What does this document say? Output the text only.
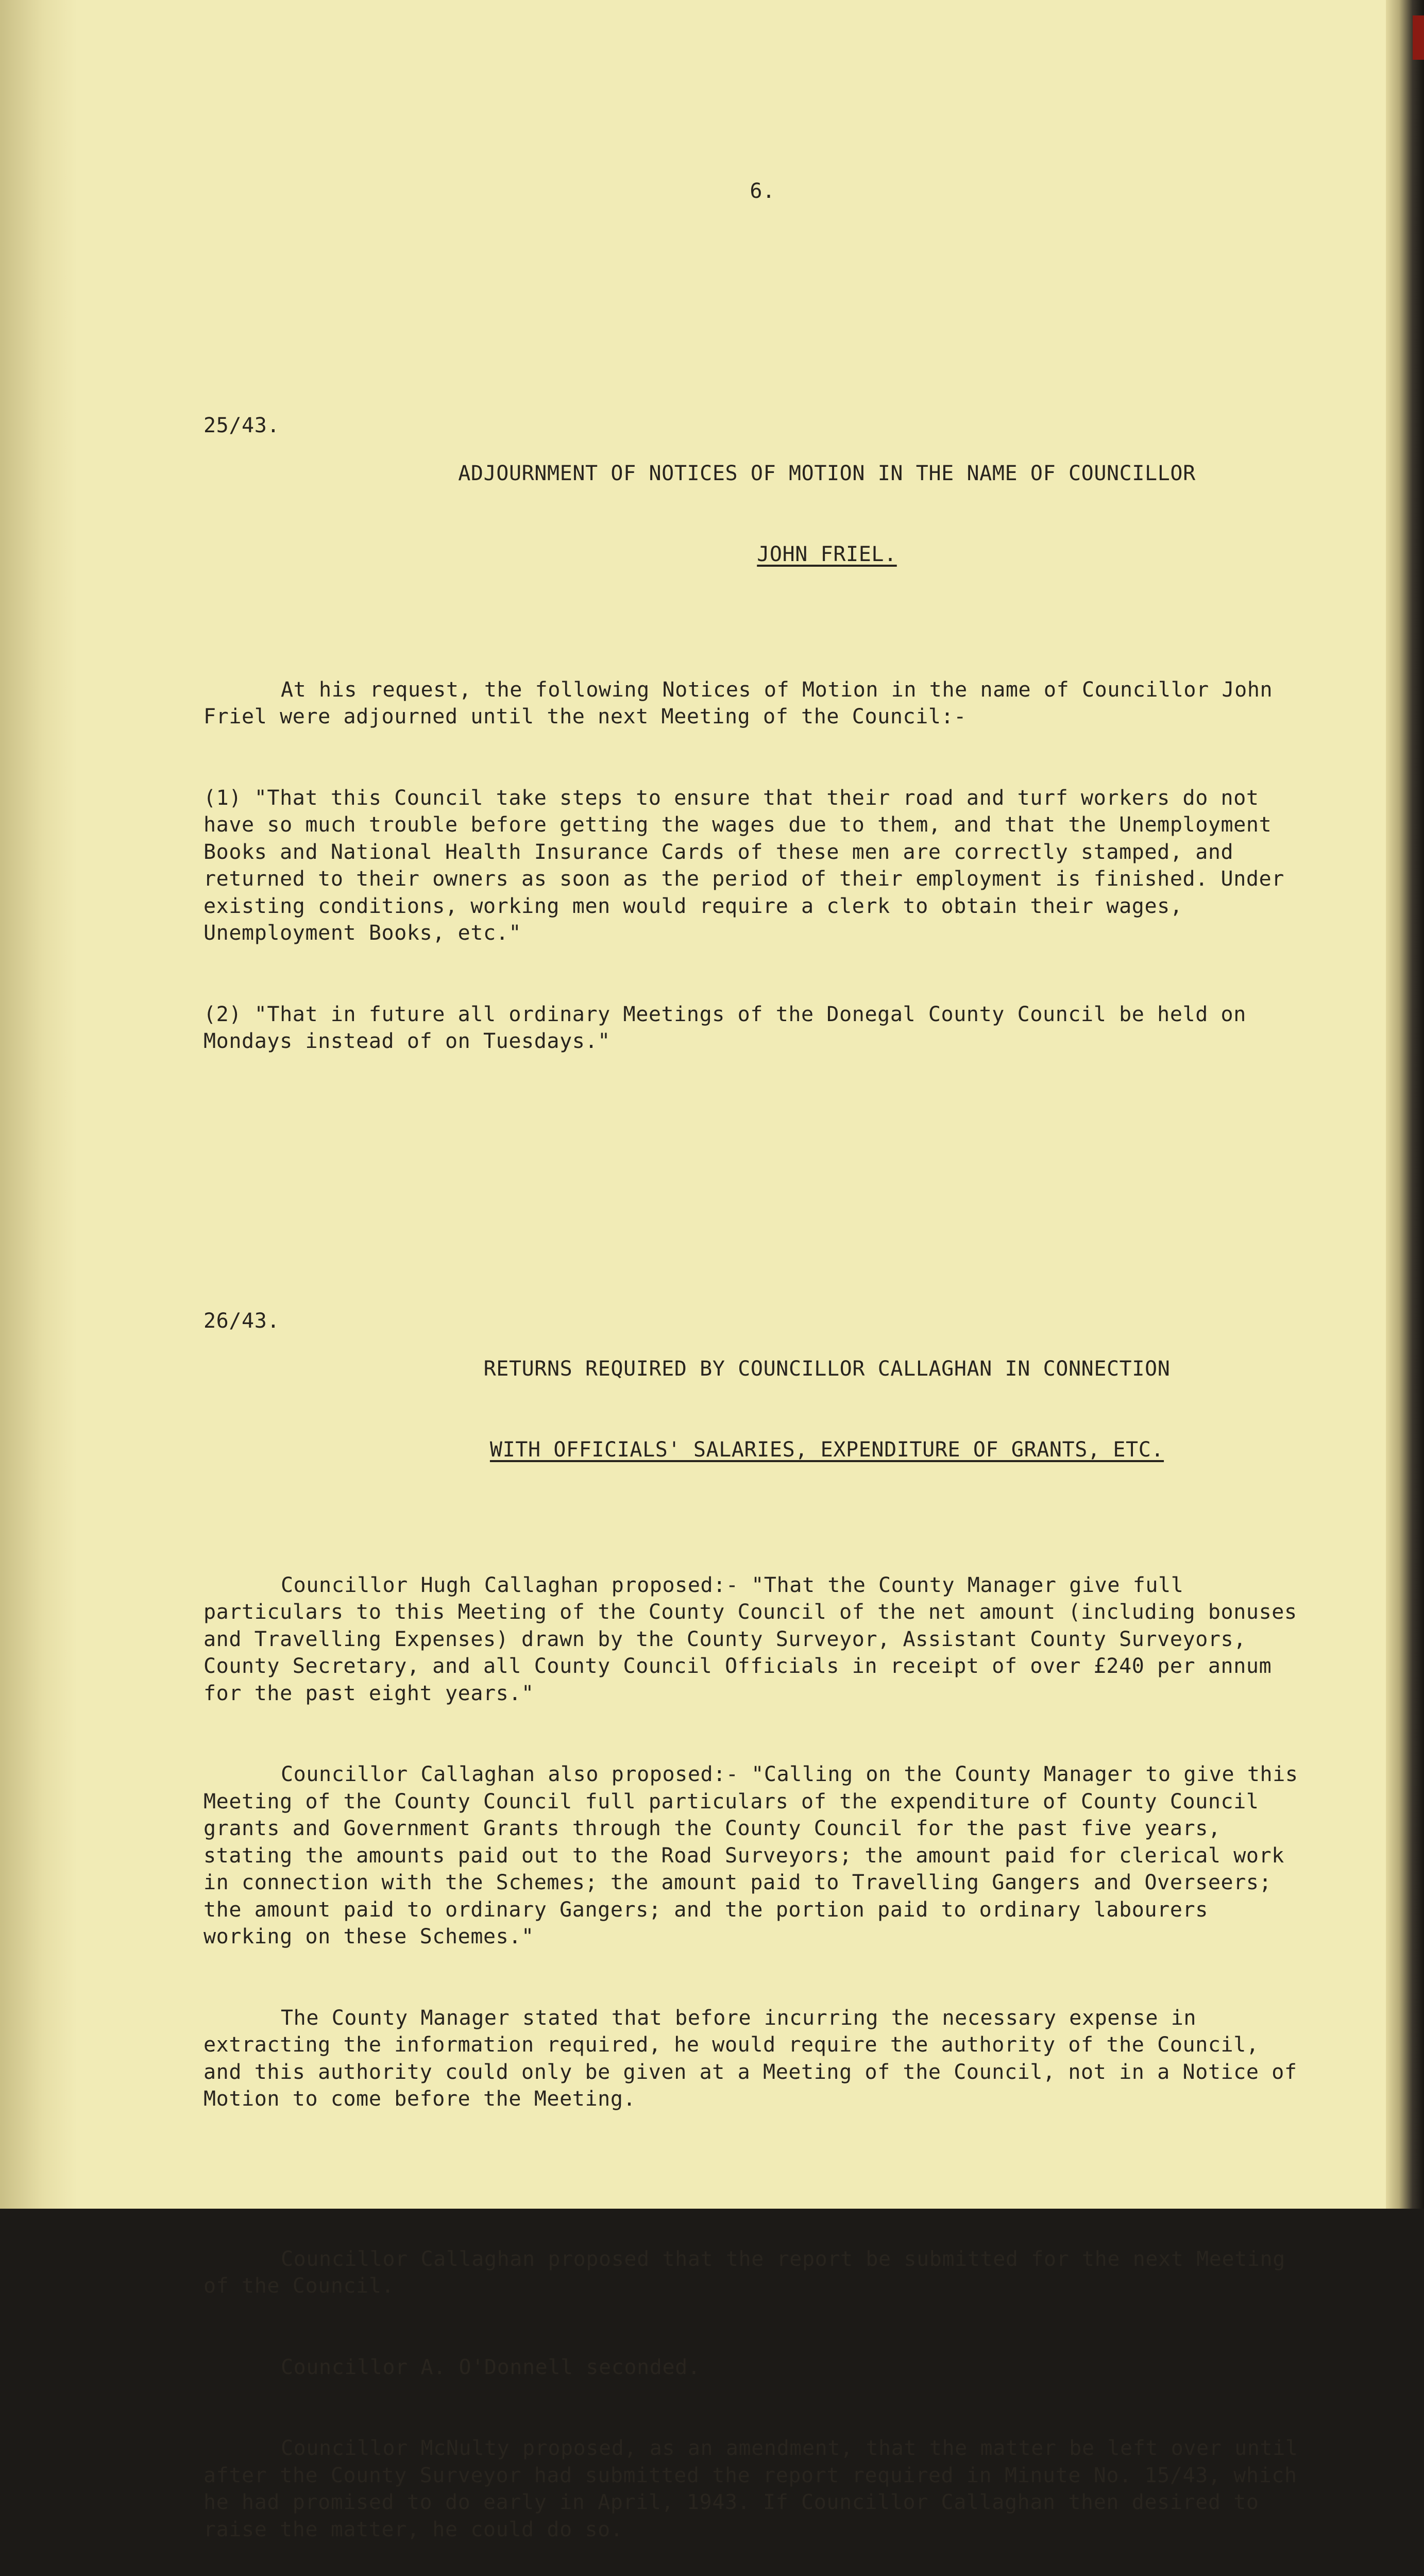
6.

25/43.

ADJOURNMENT OF NOTICES OF MOTION IN THE NAME OF COUNCILLOR

JOHN FRIEL.

At his request, the following Notices of Motion in the name of Councillor John Friel were adjourned until the next Meeting of the Council:-

(1) "That this Council take steps to ensure that their road and turf workers do not have so much trouble before getting the wages due to them, and that the Unemployment Books and National Health Insurance Cards of these men are correctly stamped, and returned to their owners as soon as the period of their employment is finished. Under existing conditions, working men would require a clerk to obtain their wages, Unemployment Books, etc."

(2) "That in future all ordinary Meetings of the Donegal County Council be held on Mondays instead of on Tuesdays."

26/43.

RETURNS REQUIRED BY COUNCILLOR CALLAGHAN IN CONNECTION

WITH OFFICIALS' SALARIES, EXPENDITURE OF GRANTS, ETC.

Councillor Hugh Callaghan proposed:- "That the County Manager give full particulars to this Meeting of the County Council of the net amount (including bonuses and Travelling Expenses) drawn by the County Surveyor, Assistant County Surveyors, County Secretary, and all County Council Officials in receipt of over £240 per annum for the past eight years."

Councillor Callaghan also proposed:- "Calling on the County Manager to give this Meeting of the County Council full particulars of the expenditure of County Council grants and Government Grants through the County Council for the past five years, stating the amounts paid out to the Road Surveyors; the amount paid for clerical work in connection with the Schemes; the amount paid to Travelling Gangers and Overseers; the amount paid to ordinary Gangers; and the portion paid to ordinary labourers working on these Schemes."

The County Manager stated that before incurring the necessary expense in extracting the information required, he would require the authority of the Council, and this authority could only be given at a Meeting of the Council, not in a Notice of Motion to come before the Meeting.

Councillor Callaghan proposed that the report be submitted for the next Meeting of the Council.

Councillor A. O'Donnell seconded.

Councillor McNulty proposed, as an amendment, that the matter be left over until after the County Surveyor had submitted the report required in Minute No. 15/43, which he had promised to do early in April, 1943. If Councillor Callaghan then desired to raise the matter, he could do so.
